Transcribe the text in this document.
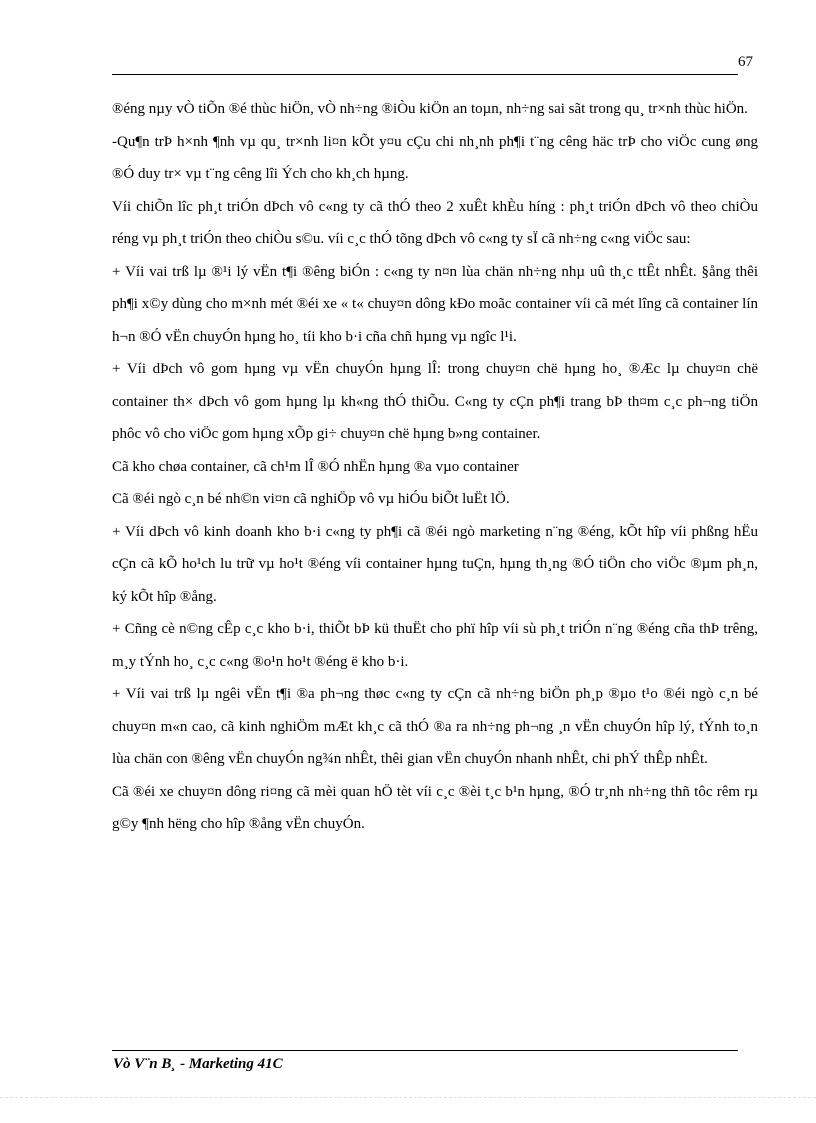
67

®éng nµy vÒ tiÕn ®é thùc hiÖn, vÒ nh÷ng ®iÒu kiÖn an toµn, nh÷ng sai sãt trong qu¸ tr×nh thùc hiÖn.

-Qu¶n trÞ h×nh ¶nh vµ qu¸ tr×nh li¤n kÕt y¤u cÇu chi nh¸nh ph¶i t¨ng cêng häc trÞ cho viÖc cung øng ®Ó duy tr× vµ t¨ng cêng lîi Ých cho kh¸ch hµng.

Víi chiÕn lîc ph¸t triÓn dÞch vô c«ng ty cã thÓ theo 2 xuÊt khÈu híng : ph¸t triÓn dÞch vô theo chiÒu réng vµ ph¸t triÓn theo chiÒu s©u. víi c¸c thÓ tõng dÞch vô c«ng ty sÏ cã nh÷ng c«ng viÖc sau:

+ Víi vai trß lµ ®¹i lý vËn t¶i ®êng biÓn : c«ng ty n¤n lùa chän nh÷ng nhµ uû th¸c ttÊt nhÊt. §ång thêi ph¶i x©y dùng cho m×nh mét ®éi xe « t« chuy¤n dông kÐo moãc container víi cã mét lîng cã container lín h¬n ®Ó vËn chuyÓn hµng ho¸ tíi kho b·i cña chñ hµng vµ ngîc l¹i.

+ Víi dÞch vô gom hµng vµ vËn chuyÓn hµng lÎ: trong chuy¤n chë hµng ho¸ ®Æc lµ chuy¤n chë container th× dÞch vô gom hµng lµ kh«ng thÓ thiÕu. C«ng ty cÇn ph¶i trang bÞ th¤m c¸c ph¬ng tiÖn phôc vô cho viÖc gom hµng xÕp gi÷ chuy¤n chë hµng b»ng container.

Cã kho chøa container, cã ch¹m lÎ ®Ó nhËn hµng ®a vµo container

Cã ®éi ngò c¸n bé nh©n vi¤n cã nghiÖp vô vµ hiÓu biÕt luËt lÖ.

+ Víi dÞch vô kinh doanh kho b·i c«ng ty ph¶i cã ®éi ngò marketing n¨ng ®éng, kÕt hîp víi phßng hËu cÇn cã kÕ ho¹ch lu trữ vµ ho¹t ®éng víi container hµng tuÇn, hµng th¸ng ®Ó tiÖn cho viÖc ®µm ph¸n, ký kÕt hîp ®ång.

+ Cñng cè n©ng cÊp c¸c kho b·i, thiÕt bÞ kü thuËt cho phï hîp víi sù ph¸t triÓn n¨ng ®éng cña thÞ trêng, m¸y tÝnh ho¸ c¸c c«ng ®o¹n ho¹t ®éng ë kho b·i.

+ Víi vai trß lµ ngêi vËn t¶i ®a ph¬ng thøc c«ng ty cÇn cã nh÷ng biÖn ph¸p ®µo t¹o ®éi ngò c¸n bé chuy¤n m«n cao, cã kinh nghiÖm mÆt kh¸c cã thÓ ®a ra nh÷ng ph¬ng ¸n vËn chuyÓn hîp lý, tÝnh to¸n lùa chän con ®êng vËn chuyÓn ng¾n nhÊt, thêi gian vËn chuyÓn nhanh nhÊt, chi phÝ thÊp nhÊt.

Cã ®éi xe chuy¤n dông ri¤ng cã mèi quan hÖ tèt víi c¸c ®èi t¸c b¹n hµng, ®Ó tr¸nh nh÷ng thñ tôc rêm rµ g©y ¶nh hëng cho hîp ®ång vËn chuyÓn.

Vò V¨n B¸ - Marketing 41C
